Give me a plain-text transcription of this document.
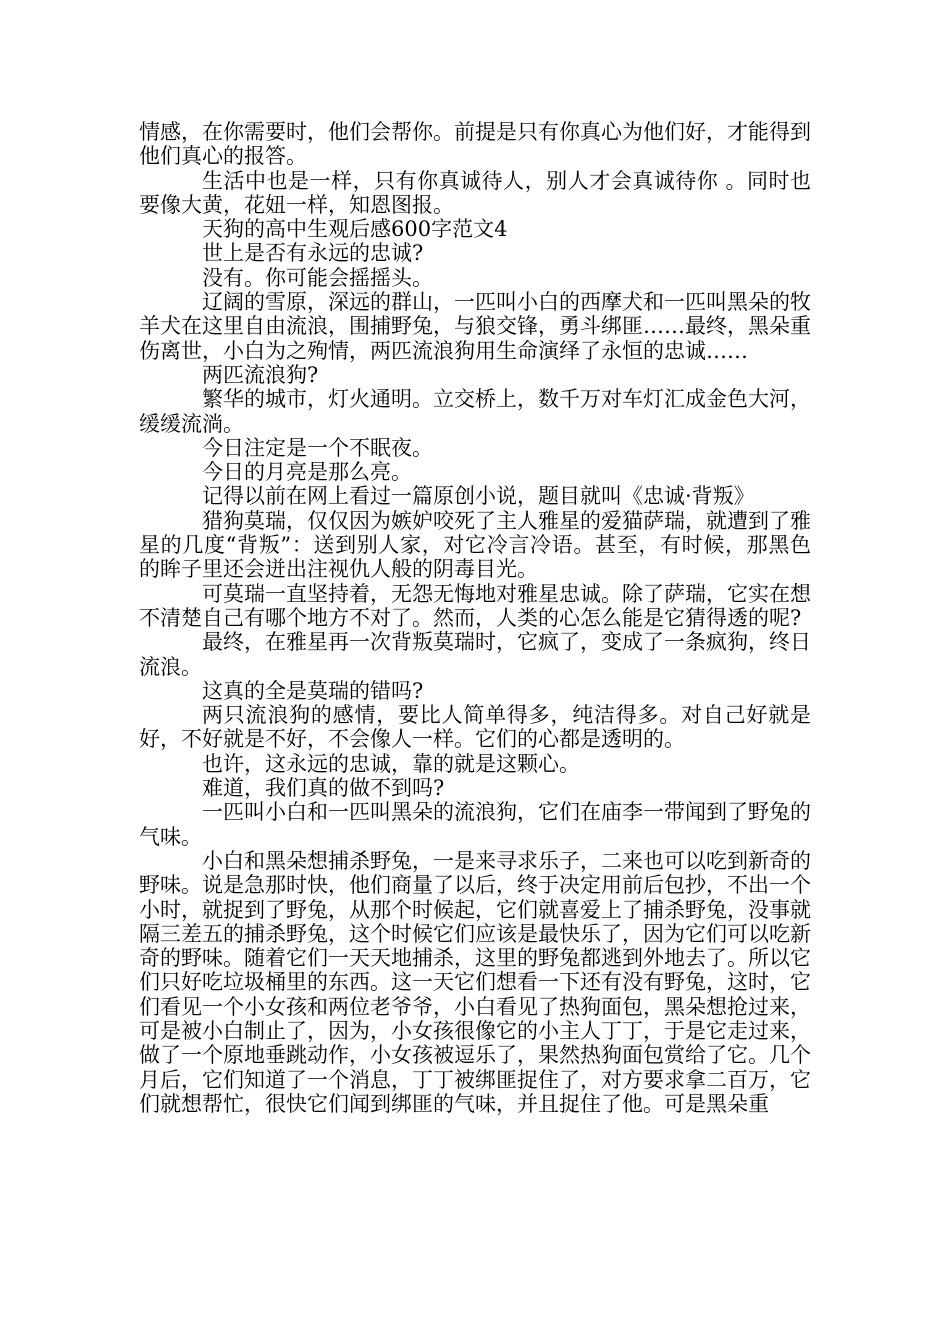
情感，在你需要时，他们会帮你。前提是只有你真心为他们好，才能得到他们真心的报答。

生活中也是一样，只有你真诚待人，别人才会真诚待你 。同时也要像大黄，花妞一样，知恩图报。

天狗的高中生观后感600字范文4

世上是否有永远的忠诚?

没有。你可能会摇摇头。

辽阔的雪原，深远的群山，一匹叫小白的西摩犬和一匹叫黑朵的牧羊犬在这里自由流浪，围捕野兔，与狼交锋，勇斗绑匪……最终，黑朵重伤离世，小白为之殉情，两匹流浪狗用生命演绎了永恒的忠诚……

两匹流浪狗?

繁华的城市，灯火通明。立交桥上，数千万对车灯汇成金色大河，缓缓流淌。

今日注定是一个不眠夜。

今日的月亮是那么亮。

记得以前在网上看过一篇原创小说，题目就叫《忠诚·背叛》

猎狗莫瑞，仅仅因为嫉妒咬死了主人雅星的爱猫萨瑞，就遭到了雅星的几度“背叛”：送到别人家，对它冷言冷语。甚至，有时候，那黑色的眸子里还会迸出注视仇人般的阴毒目光。

可莫瑞一直坚持着，无怨无悔地对雅星忠诚。除了萨瑞，它实在想不清楚自己有哪个地方不对了。然而，人类的心怎么能是它猜得透的呢?

最终，在雅星再一次背叛莫瑞时，它疯了，变成了一条疯狗，终日流浪。

这真的全是莫瑞的错吗?

两只流浪狗的感情，要比人简单得多，纯洁得多。对自己好就是好，不好就是不好，不会像人一样。它们的心都是透明的。

也许，这永远的忠诚，靠的就是这颗心。

难道，我们真的做不到吗?

一匹叫小白和一匹叫黑朵的流浪狗，它们在庙李一带闻到了野兔的气味。

小白和黑朵想捕杀野兔，一是来寻求乐子，二来也可以吃到新奇的野味。说是急那时快，他们商量了以后，终于决定用前后包抄，不出一个小时，就捉到了野兔，从那个时候起，它们就喜爱上了捕杀野兔，没事就隔三差五的捕杀野兔，这个时候它们应该是最快乐了，因为它们可以吃新奇的野味。随着它们一天天地捕杀，这里的野兔都逃到外地去了。所以它们只好吃垃圾桶里的东西。这一天它们想看一下还有没有野兔，这时，它们看见一个小女孩和两位老爷爷，小白看见了热狗面包，黑朵想抢过来，可是被小白制止了，因为，小女孩很像它的小主人丁丁，于是它走过来，做了一个原地垂跳动作，小女孩被逗乐了，果然热狗面包赏给了它。几个月后，它们知道了一个消息，丁丁被绑匪捉住了，对方要求拿二百万，它们就想帮忙，很快它们闻到绑匪的气味，并且捉住了他。可是黑朵重
